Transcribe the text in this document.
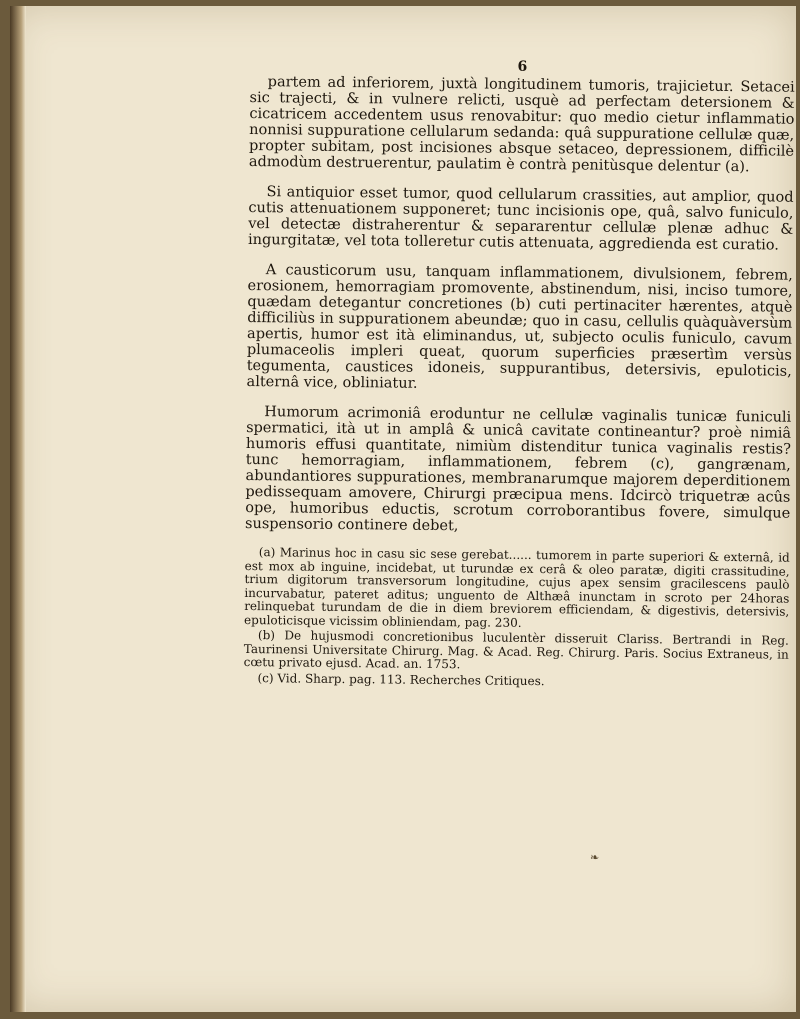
6

partem ad inferiorem, juxtà longitudinem tumoris, trajicietur. Setacei sic trajecti, & in vulnere relicti, usquè ad perfectam detersionem & cicatricem accedentem usus renovabitur: quo medio cietur inflammatio nonnisi suppuratione cellularum sedanda: quâ suppuratione cellulæ quæ, propter subitam, post incisiones absque setaceo, depressionem, difficilè admodùm destruerentur, paulatim è contrà penitùsque delentur (a).

Si antiquior esset tumor, quod cellularum crassities, aut amplior, quod cutis attenuationem supponeret; tunc incisionis ope, quâ, salvo funiculo, vel detectæ distraherentur & separarentur cellulæ plenæ adhuc & ingurgitatæ, vel tota tolleretur cutis attenuata, aggredienda est curatio.

A causticorum usu, tanquam inflammationem, divulsionem, febrem, erosionem, hemorragiam promovente, abstinendum, nisi, inciso tumore, quædam detegantur concretiones (b) cuti pertinaciter hærentes, atquè difficiliùs in suppurationem abeundæ; quo in casu, cellulis quàquàversùm apertis, humor est ità eliminandus, ut, subjecto oculis funiculo, cavum plumaceolis impleri queat, quorum superficies præsertìm versùs tegumenta, caustices idoneis, suppurantibus, detersivis, epuloticis, alternâ vice, obliniatur.

Humorum acrimoniâ eroduntur ne cellulæ vaginalis tunicæ funiculi spermatici, ità ut in amplâ & unicâ cavitate contineantur? proè nimiâ humoris effusi quantitate, nimiùm distenditur tunica vaginalis restis? tunc hemorragiam, inflammationem, febrem (c), gangrænam, abundantiores suppurationes, membranarumque majorem deperditionem pedissequam amovere, Chirurgi præcipua mens. Idcircò triquetræ acûs ope, humoribus eductis, scrotum corroborantibus fovere, simulque suspensorio continere debet,

(a) Marinus hoc in casu sic sese gerebat...... tumorem in parte superiori & externâ, id est mox ab inguine, incidebat, ut turundæ ex cerâ & oleo paratæ, digiti crassitudine, trium digitorum transversorum longitudine, cujus apex sensim gracilescens paulò incurvabatur, pateret aditus; unguento de Althæâ inunctam in scroto per 24horas relinquebat turundam de die in diem breviorem efficiendam, & digestivis, detersivis, epuloticisque vicissim obliniendam, pag. 230.

(b) De hujusmodi concretionibus luculentèr disseruit Clariss. Bertrandi in Reg. Taurinensi Universitate Chirurg. Mag. & Acad. Reg. Chirurg. Paris. Socius Extraneus, in cœtu privato ejusd. Acad. an. 1753.

(c) Vid. Sharp. pag. 113. Recherches Critiques.

❧
